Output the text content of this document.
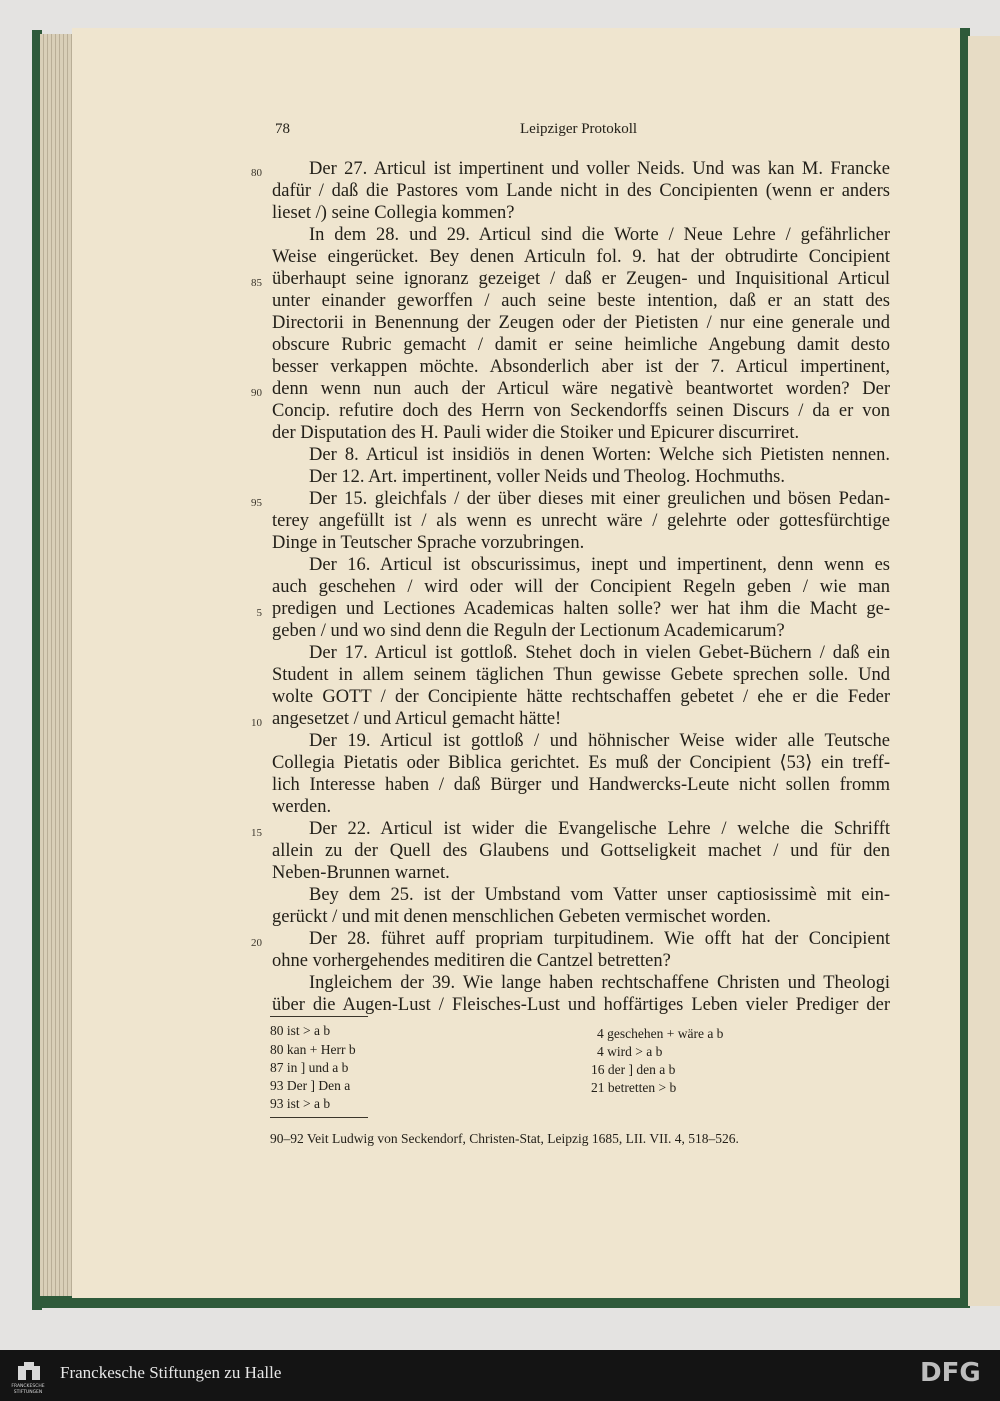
78	Leipziger Protokoll
Der 27. Articul ist impertinent und voller Neids. Und was kan M. Francke
dafür / daß die Pastores vom Lande nicht in des Concipienten (wenn er anders
lieset /) seine Collegia kommen?
In dem 28. und 29. Articul sind die Worte / Neue Lehre / gefährlicher
Weise eingerücket. Bey denen Articuln fol. 9. hat der obtrudirte Concipient
überhaupt seine ignoranz gezeiget / daß er Zeugen- und Inquisitional Articul
unter einander geworffen / auch seine beste intention, daß er an statt des
Directorii in Benennung der Zeugen oder der Pietisten / nur eine generale und
obscure Rubric gemacht / damit er seine heimliche Angebung damit desto
besser verkappen möchte. Absonderlich aber ist der 7. Articul impertinent,
denn wenn nun auch der Articul wäre negativè beantwortet worden? Der
Concip. refutire doch des Herrn von Seckendorffs seinen Discurs / da er von
der Disputation des H. Pauli wider die Stoiker und Epicurer discurriret.
Der 8. Articul ist insidiös in denen Worten: Welche sich Pietisten nennen.
Der 12. Art. impertinent, voller Neids und Theolog. Hochmuths.
Der 15. gleichfals / der über dieses mit einer greulichen und bösen Pedan-
terey angefüllt ist / als wenn es unrecht wäre / gelehrte oder gottesfürchtige
Dinge in Teutscher Sprache vorzubringen.
Der 16. Articul ist obscurissimus, inept und impertinent, denn wenn es
auch geschehen / wird oder will der Concipient Regeln geben / wie man
predigen und Lectiones Academicas halten solle? wer hat ihm die Macht ge-
geben / und wo sind denn die Reguln der Lectionum Academicarum?
Der 17. Articul ist gottloß. Stehet doch in vielen Gebet-Büchern / daß ein
Student in allem seinem täglichen Thun gewisse Gebete sprechen solle. Und
wolte GOTT / der Concipiente hätte rechtschaffen gebetet / ehe er die Feder
angesetzet / und Articul gemacht hätte!
Der 19. Articul ist gottloß / und höhnischer Weise wider alle Teutsche
Collegia Pietatis oder Biblica gerichtet. Es muß der Concipient ⟨53⟩ ein treff-
lich Interesse haben / daß Bürger und Handwercks-Leute nicht sollen fromm
werden.
Der 22. Articul ist wider die Evangelische Lehre / welche die Schrifft
allein zu der Quell des Glaubens und Gottseligkeit machet / und für den
Neben-Brunnen warnet.
Bey dem 25. ist der Umbstand vom Vatter unser captiosissimè mit ein-
gerückt / und mit denen menschlichen Gebeten vermischet worden.
Der 28. führet auff propriam turpitudinem. Wie offt hat der Concipient
ohne vorhergehendes meditiren die Cantzel betretten?
Ingleichem der 39. Wie lange haben rechtschaffene Christen und Theologi
über die Augen-Lust / Fleisches-Lust und hoffärtiges Leben vieler Prediger der
80
85
90
95
5
10
15
20
80 ist > a b
80 kan + Herr b
87 in ] und a b
93 Der ] Den a
93 ist > a b
4 geschehen + wäre a b
4 wird > a b
16 der ] den a b
21 betretten > b
90–92 Veit Ludwig von Seckendorf, Christen-Stat, Leipzig 1685, LII. VII. 4, 518–526.
FRANCKESCHE
STIFTUNGEN
Franckesche Stiftungen zu Halle	DFG
